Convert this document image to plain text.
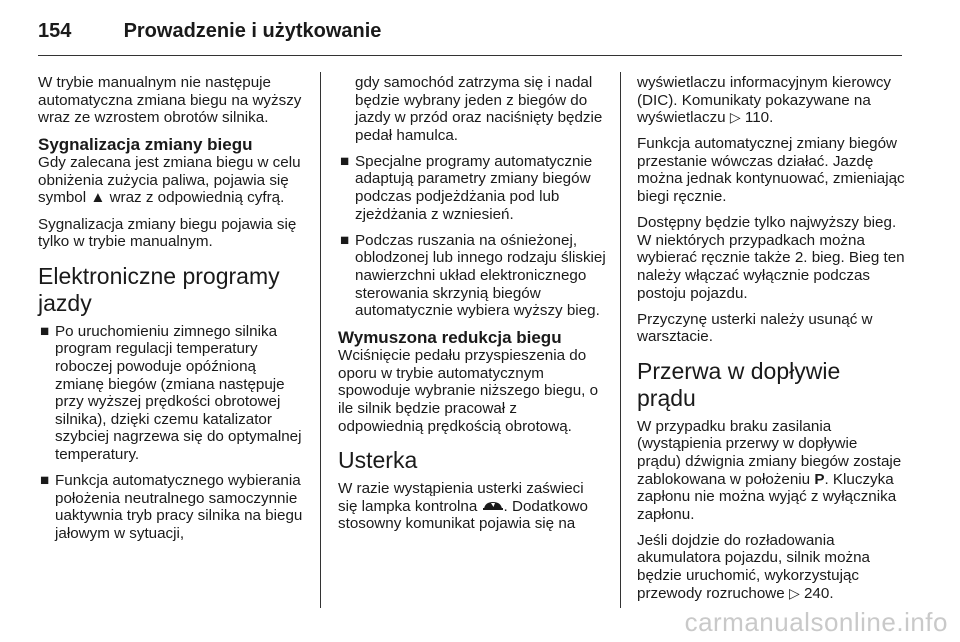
154	Prowadzenie i użytkowanie

W trybie manualnym nie następuje automatyczna zmiana biegu na wyższy wraz ze wzrostem obrotów silnika.

Sygnalizacja zmiany biegu

Gdy zalecana jest zmiana biegu w celu obniżenia zużycia paliwa, pojawia się symbol ▲ wraz z odpowiednią cyfrą.

Sygnalizacja zmiany biegu pojawia się tylko w trybie manualnym.

Elektroniczne programy jazdy
■ Po uruchomieniu zimnego silnika program regulacji temperatury roboczej powoduje opóźnioną zmianę biegów (zmiana następuje przy wyższej prędkości obrotowej silnika), dzięki czemu katalizator szybciej nagrzewa się do optymalnej temperatury.
■ Funkcja automatycznego wybierania położenia neutralnego samoczynnie uaktywnia tryb pracy silnika na biegu jałowym w sytuacji,

gdy samochód zatrzyma się i nadal będzie wybrany jeden z biegów do jazdy w przód oraz naciśnięty będzie pedał hamulca.

■ Specjalne programy automatycznie adaptują parametry zmiany biegów podczas podjeżdżania pod lub zjeżdżania z wzniesień.
■ Podczas ruszania na ośnieżonej, oblodzonej lub innego rodzaju śliskiej nawierzchni układ elektronicznego sterowania skrzynią biegów automatycznie wybiera wyższy bieg.
Wymuszona redukcja biegu

Wciśnięcie pedału przyspieszenia do oporu w trybie automatycznym spowoduje wybranie niższego biegu, o ile silnik będzie pracował z odpowiednią prędkością obrotową.

Usterka

W razie wystąpienia usterki zaświeci się lampka kontrolna . Dodatkowo stosowny komunikat pojawia się na

wyświetlaczu informacyjnym kierowcy (DIC). Komunikaty pokazywane na wyświetlaczu ▷ 110.

Funkcja automatycznej zmiany biegów przestanie wówczas działać. Jazdę można jednak kontynuować, zmieniając biegi ręcznie.

Dostępny będzie tylko najwyższy bieg. W niektórych przypadkach można wybierać ręcznie także 2. bieg. Bieg ten należy włączać wyłącznie podczas postoju pojazdu.

Przyczynę usterki należy usunąć w warsztacie.

Przerwa w dopływie prądu

W przypadku braku zasilania (wystąpienia przerwy w dopływie prądu) dźwignia zmiany biegów zostaje zablokowana w położeniu P. Kluczyka zapłonu nie można wyjąć z wyłącznika zapłonu.

Jeśli dojdzie do rozładowania akumulatora pojazdu, silnik można będzie uruchomić, wykorzystując przewody rozruchowe ▷ 240.

carmanualsonline.info
